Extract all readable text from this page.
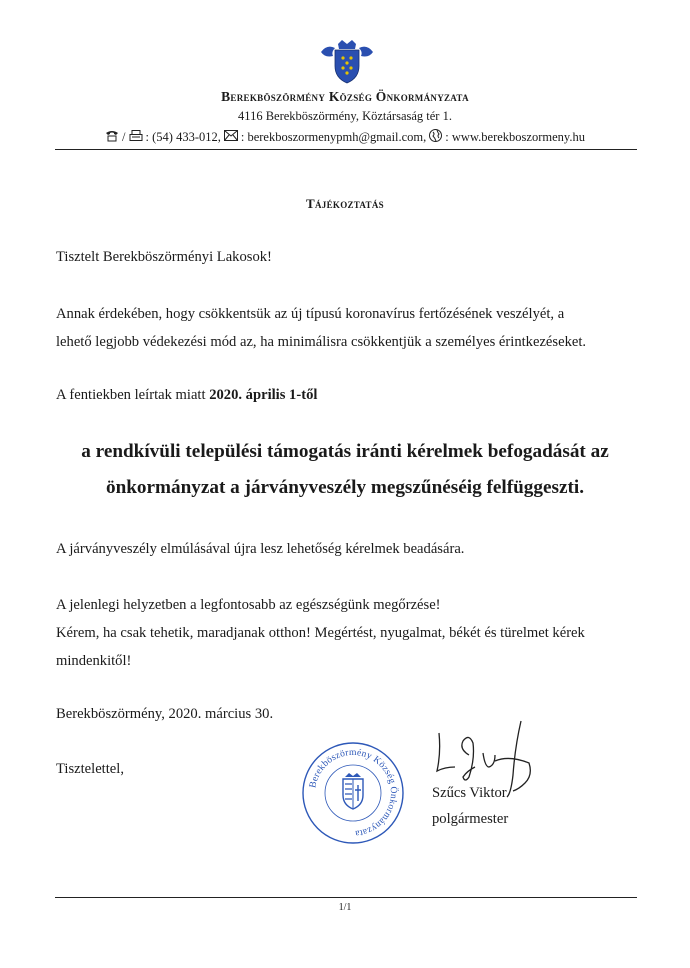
Berekböszörmény Község Önkormányzata
4116 Berekböszörmény, Köztársaság tér 1.
/ : (54) 433-012, : berekboszormenypmh@gmail.com, : www.berekboszormeny.hu
Tájékoztatás
Tisztelt Berekböszörményi Lakosok!
Annak érdekében, hogy csökkentsük az új típusú koronavírus fertőzésének veszélyét, a
lehető legjobb védekezési mód az, ha minimálisra csökkentjük a személyes érintkezéseket.
A fentiekben leírtak miatt 2020. április 1-től
a rendkívüli települési támogatás iránti kérelmek befogadását az
önkormányzat a járványveszély megszűnéséig felfüggeszti.
A járványveszély elmúlásával újra lesz lehetőség kérelmek beadására.
A jelenlegi helyzetben a legfontosabb az egészségünk megőrzése!
Kérem, ha csak tehetik, maradjanak otthon! Megértést, nyugalmat, békét és türelmet kérek
mindenkitől!
Berekböszörmény, 2020. március 30.
Tisztelettel,
Berekböszörmény Község Önkormányzata
Szűcs Viktor
polgármester
1/1
